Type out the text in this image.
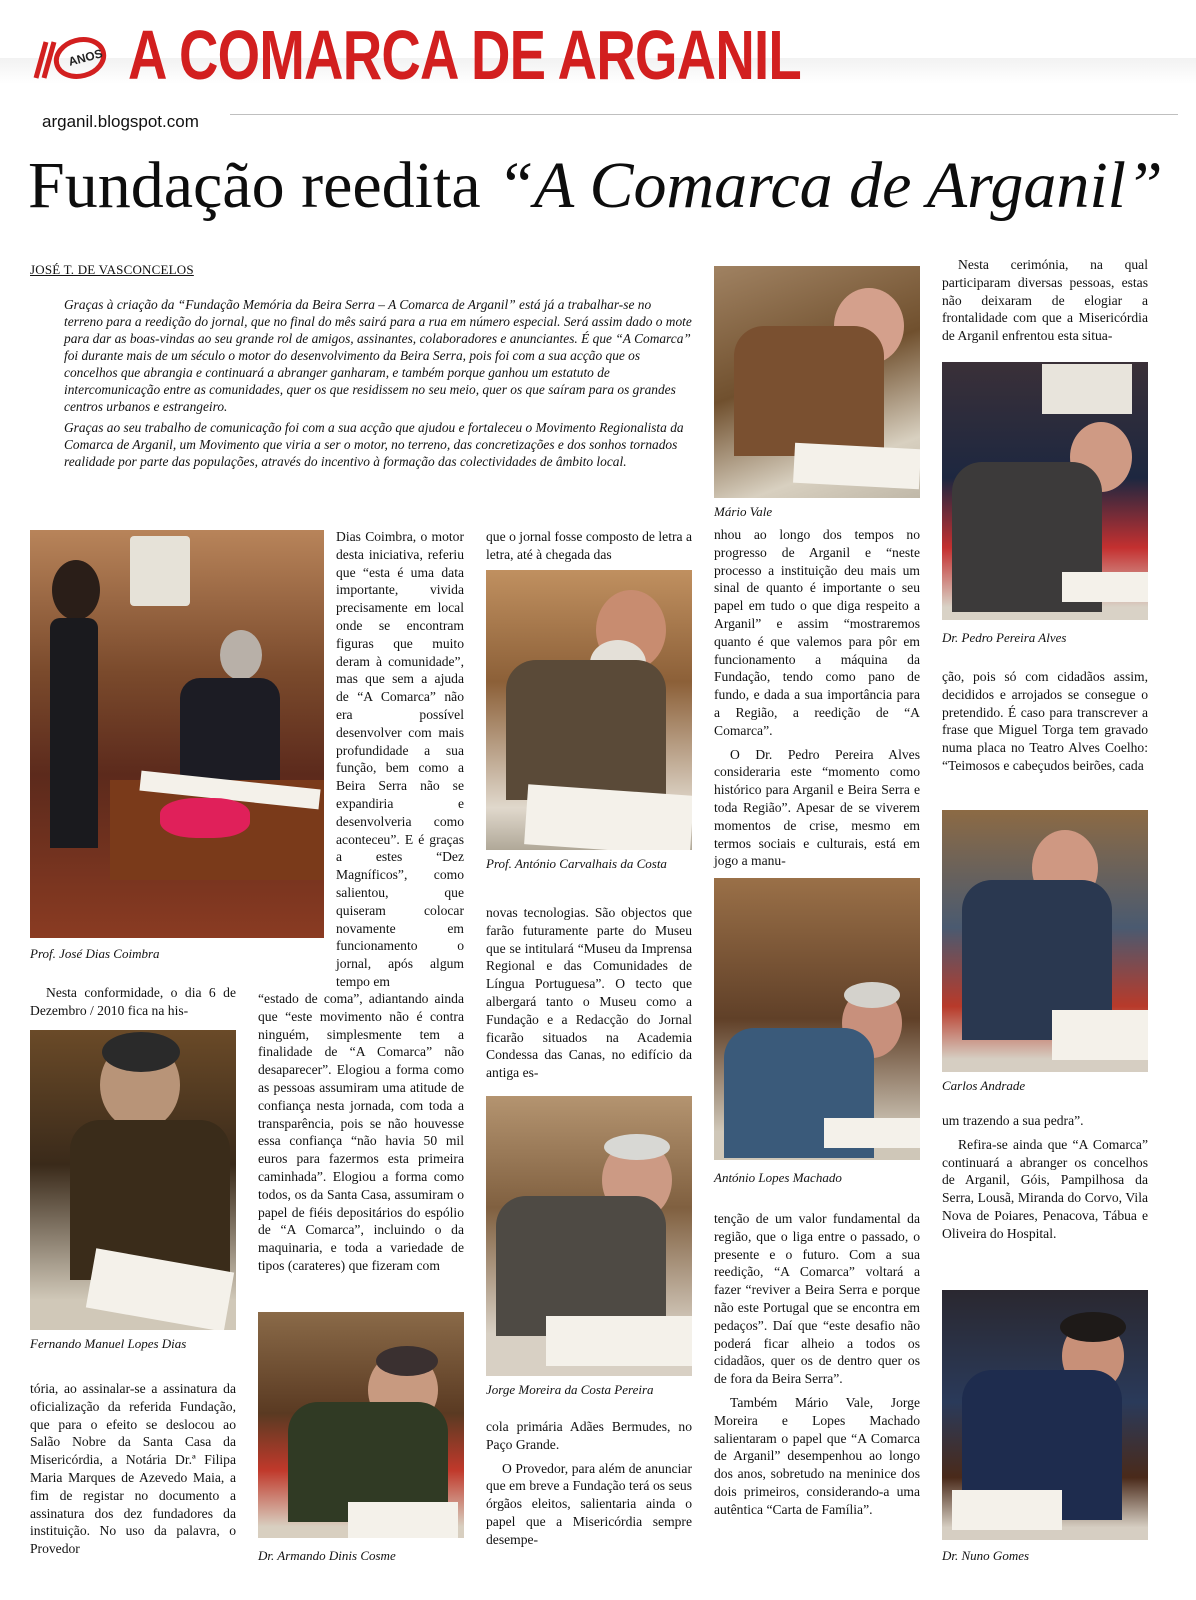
ANOS A COMARCA DE ARGANIL
arganil.blogspot.com
Fundação reedita “A Comarca de Arganil”
JOSÉ T. DE VASCONCELOS

Graças à criação da “Fundação Memória da Beira Serra – A Comarca de Arganil” está já a trabalhar-se no terreno para a reedição do jornal, que no final do mês sairá para a rua em número especial. Será assim dado o mote para dar as boas-vindas ao seu grande rol de amigos, assinantes, colaboradores e anunciantes. É que “A Comarca” foi durante mais de um século o motor do desenvolvimento da Beira Serra, pois foi com a sua acção que os concelhos que abrangia e continuará a abranger ganharam, e também porque ganhou um estatuto de intercomunicação entre as comunidades, quer os que residissem no seu meio, quer os que saíram para os grandes centros urbanos e estrangeiro.

Graças ao seu trabalho de comunicação foi com a sua acção que ajudou e fortaleceu o Movimento Regionalista da Comarca de Arganil, um Movimento que viria a ser o motor, no terreno, das concretizações e dos sonhos tornados realidade por parte das populações, através do incentivo à formação das colectividades de âmbito local.

Prof. José Dias Coimbra

Nesta conformidade, o dia 6 de Dezembro / 2010 fica na his-

Fernando Manuel Lopes Dias

tória, ao assinalar-se a assinatura da oficialização da referida Fundação, que para o efeito se deslocou ao Salão Nobre da Santa Casa da Misericórdia, a Notária Dr.ª Filipa Maria Marques de Azevedo Maia, a fim de registar no documento a assinatura dos dez fundadores da instituição. No uso da palavra, o Provedor

Dias Coimbra, o motor desta iniciativa, referiu que “esta é uma data importante, vivida precisamente em local onde se encontram figuras que muito deram à comunidade”, mas que sem a ajuda de “A Comarca” não era possível desenvolver com mais profundidade a sua função, bem como a Beira Serra não se expandiria e desenvolveria como aconteceu”. E é graças a estes “Dez Magníficos”, como salientou, que quiseram colocar novamente em funcionamento o jornal, após algum tempo em

“estado de coma”, adiantando ainda que “este movimento não é contra ninguém, simplesmente tem a finalidade de “A Comarca” não desaparecer”. Elogiou a forma como as pessoas assumiram uma atitude de confiança nesta jornada, com toda a transparência, pois se não houvesse essa confiança “não havia 50 mil euros para fazermos esta primeira caminhada”. Elogiou a forma como todos, os da Santa Casa, assumiram o papel de fiéis depositários do espólio de “A Comarca”, incluindo o da maquinaria, e toda a variedade de tipos (carateres) que fizeram com

Dr. Armando Dinis Cosme

que o jornal fosse composto de letra a letra, até à chegada das

Prof. António Carvalhais da Costa

novas tecnologias. São objectos que farão futuramente parte do Museu que se intitulará “Museu da Imprensa Regional e das Comunidades de Língua Portuguesa”. O tecto que albergará tanto o Museu como a Fundação e a Redacção do Jornal ficarão situados na Academia Condessa das Canas, no edifício da antiga es-

Jorge Moreira da Costa Pereira

cola primária Adães Bermudes, no Paço Grande.

O Provedor, para além de anunciar que em breve a Fundação terá os seus órgãos eleitos, salientaria ainda o papel que a Misericórdia sempre desempe-

Mário Vale

nhou ao longo dos tempos no progresso de Arganil e “neste processo a instituição deu mais um sinal de quanto é importante o seu papel em tudo o que diga respeito a Arganil” e assim “mostraremos quanto é que valemos para pôr em funcionamento a máquina da Fundação, tendo como pano de fundo, e dada a sua importância para a Região, a reedição de “A Comarca”.

O Dr. Pedro Pereira Alves consideraria este “momento como histórico para Arganil e Beira Serra e toda Região”. Apesar de se viverem momentos de crise, mesmo em termos sociais e culturais, está em jogo a manu-

António Lopes Machado

tenção de um valor fundamental da região, que o liga entre o passado, o presente e o futuro. Com a sua reedição, “A Comarca” voltará a fazer “reviver a Beira Serra e porque não este Portugal que se encontra em pedaços”. Daí que “este desafio não poderá ficar alheio a todos os cidadãos, quer os de dentro quer os de fora da Beira Serra”.

Também Mário Vale, Jorge Moreira e Lopes Machado salientaram o papel que “A Comarca de Arganil” desempenhou ao longo dos anos, sobretudo na meninice dos dois primeiros, considerando-a uma autêntica “Carta de Família”.

Nesta cerimónia, na qual participaram diversas pessoas, estas não deixaram de elogiar a frontalidade com que a Misericórdia de Arganil enfrentou esta situa-

Dr. Pedro Pereira Alves

ção, pois só com cidadãos assim, decididos e arrojados se consegue o pretendido. É caso para transcrever a frase que Miguel Torga tem gravado numa placa no Teatro Alves Coelho: “Teimosos e cabeçudos beirões, cada

Carlos Andrade

um trazendo a sua pedra”.

Refira-se ainda que “A Comarca” continuará a abranger os concelhos de Arganil, Góis, Pampilhosa da Serra, Lousã, Miranda do Corvo, Vila Nova de Poiares, Penacova, Tábua e Oliveira do Hospital.

Dr. Nuno Gomes
